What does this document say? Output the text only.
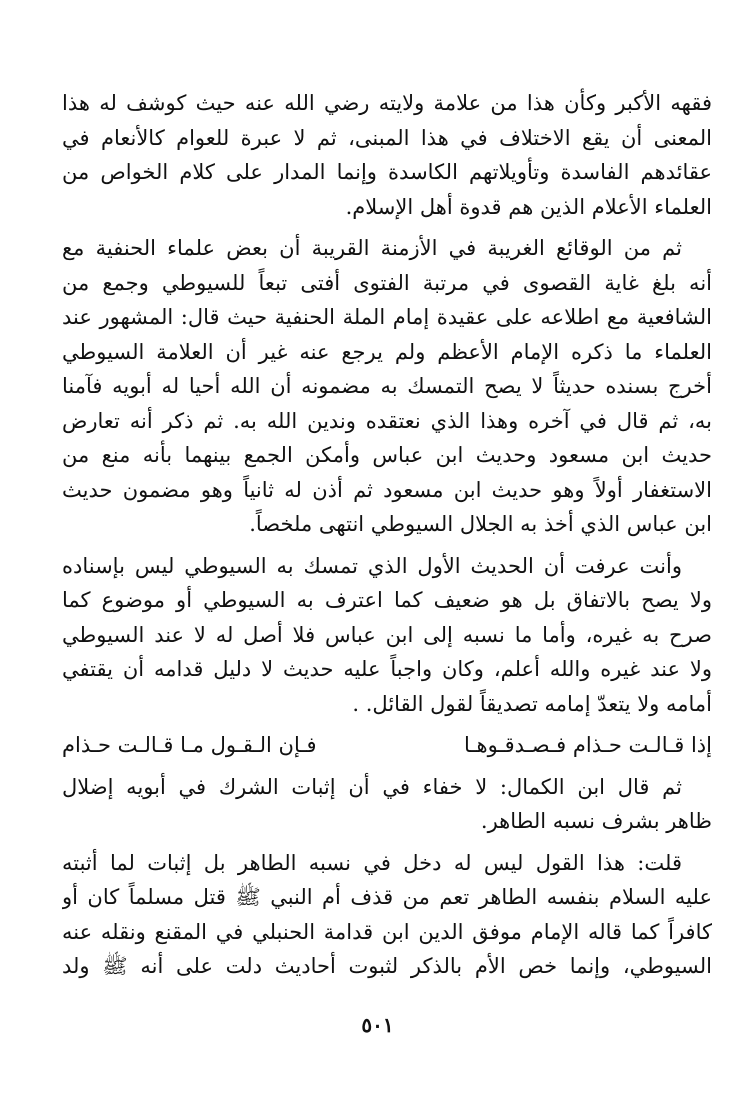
فقهه الأكبر وكأن هذا من علامة ولايته رضي الله عنه حيث كوشف له هذا
المعنى أن يقع الاختلاف في هذا المبنى، ثم لا عبرة للعوام كالأنعام في
عقائدهم الفاسدة وتأويلاتهم الكاسدة وإنما المدار على كلام الخواص من
العلماء الأعلام الذين هم قدوة أهل الإسلام.
ثم من الوقائع الغريبة في الأزمنة القريبة أن بعض علماء الحنفية مع
أنه بلغ غاية القصوى في مرتبة الفتوى أفتى تبعاً للسيوطي وجمع من
الشافعية مع اطلاعه على عقيدة إمام الملة الحنفية حيث قال: المشهور عند
العلماء ما ذكره الإمام الأعظم ولم يرجع عنه غير أن العلامة السيوطي
أخرج بسنده حديثاً لا يصح التمسك به مضمونه أن الله أحيا له أبويه فآمنا
به، ثم قال في آخره وهذا الذي نعتقده وندين الله به. ثم ذكر أنه تعارض
حديث ابن مسعود وحديث ابن عباس وأمكن الجمع بينهما بأنه منع من
الاستغفار أولاً وهو حديث ابن مسعود ثم أذن له ثانياً وهو مضمون حديث
ابن عباس الذي أخذ به الجلال السيوطي انتهى ملخصاً.
وأنت عرفت أن الحديث الأول الذي تمسك به السيوطي ليس بإسناده
ولا يصح بالاتفاق بل هو ضعيف كما اعترف به السيوطي أو موضوع كما
صرح به غيره، وأما ما نسبه إلى ابن عباس فلا أصل له لا عند السيوطي
ولا عند غيره والله أعلم، وكان واجباً عليه حديث لا دليل قدامه أن يقتفي
أمامه ولا يتعدّ إمامه تصديقاً لقول القائل. .
إذا قـالـت حـذام فـصـدقـوهـا
فـإن الـقـول مـا قـالـت حـذام
ثم قال ابن الكمال: لا خفاء في أن إثبات الشرك في أبويه إضلال
ظاهر بشرف نسبه الطاهر.
قلت: هذا القول ليس له دخل في نسبه الطاهر بل إثبات لما أثبته
عليه السلام بنفسه الطاهر تعم من قذف أم النبي ﷺ قتل مسلماً كان أو
كافراً كما قاله الإمام موفق الدين ابن قدامة الحنبلي في المقنع ونقله عنه
السيوطي، وإنما خص الأم بالذكر لثبوت أحاديث دلت على أنه ﷺ ولد
٥٠١
